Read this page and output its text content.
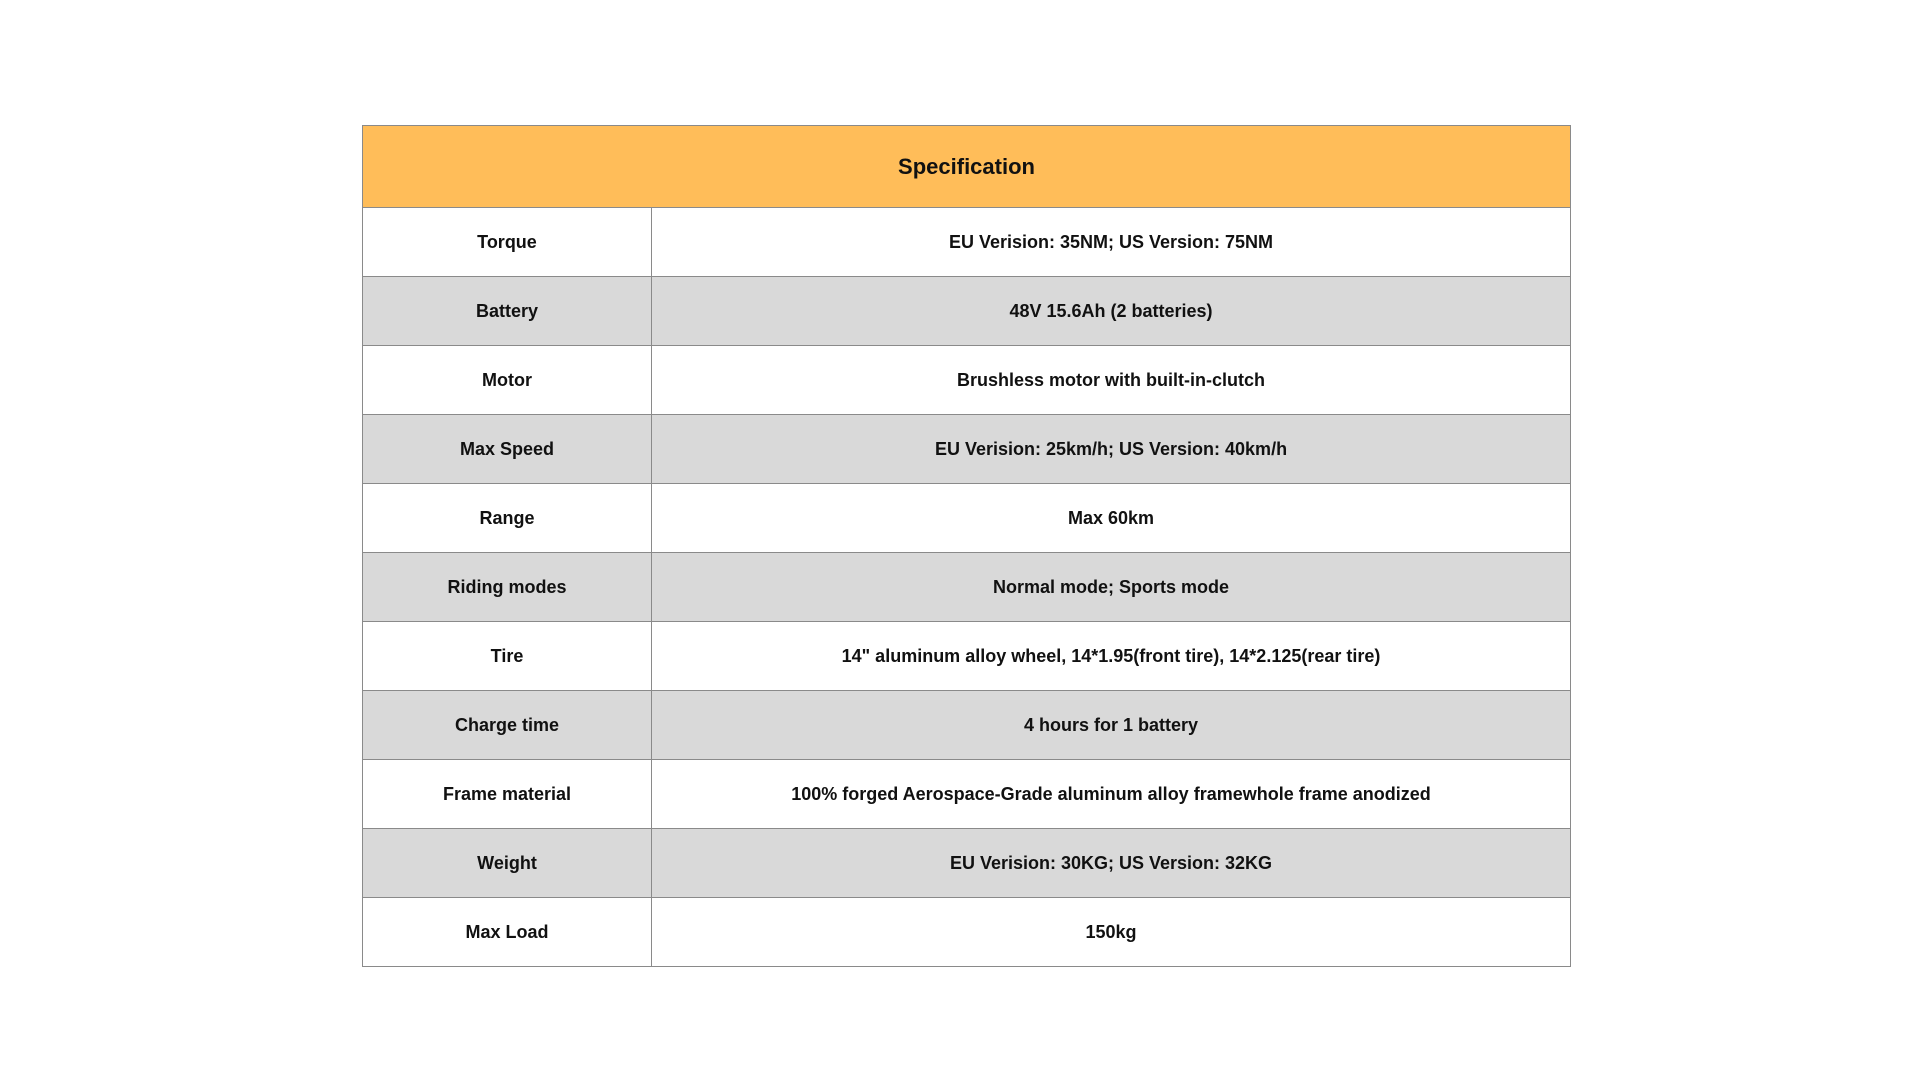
Specification	
Torque	EU Verision: 35NM; US Version: 75NM
Battery	48V 15.6Ah (2 batteries)
Motor	Brushless motor with built-in-clutch
Max Speed	EU Verision: 25km/h; US Version: 40km/h
Range	Max 60km
Riding modes	Normal mode; Sports mode
Tire	14" aluminum alloy wheel, 14*1.95(front tire), 14*2.125(rear tire)
Charge time	4 hours for 1 battery
Frame material	100% forged Aerospace-Grade aluminum alloy framewhole frame anodized
Weight	EU Verision: 30KG; US Version: 32KG
Max Load	150kg
